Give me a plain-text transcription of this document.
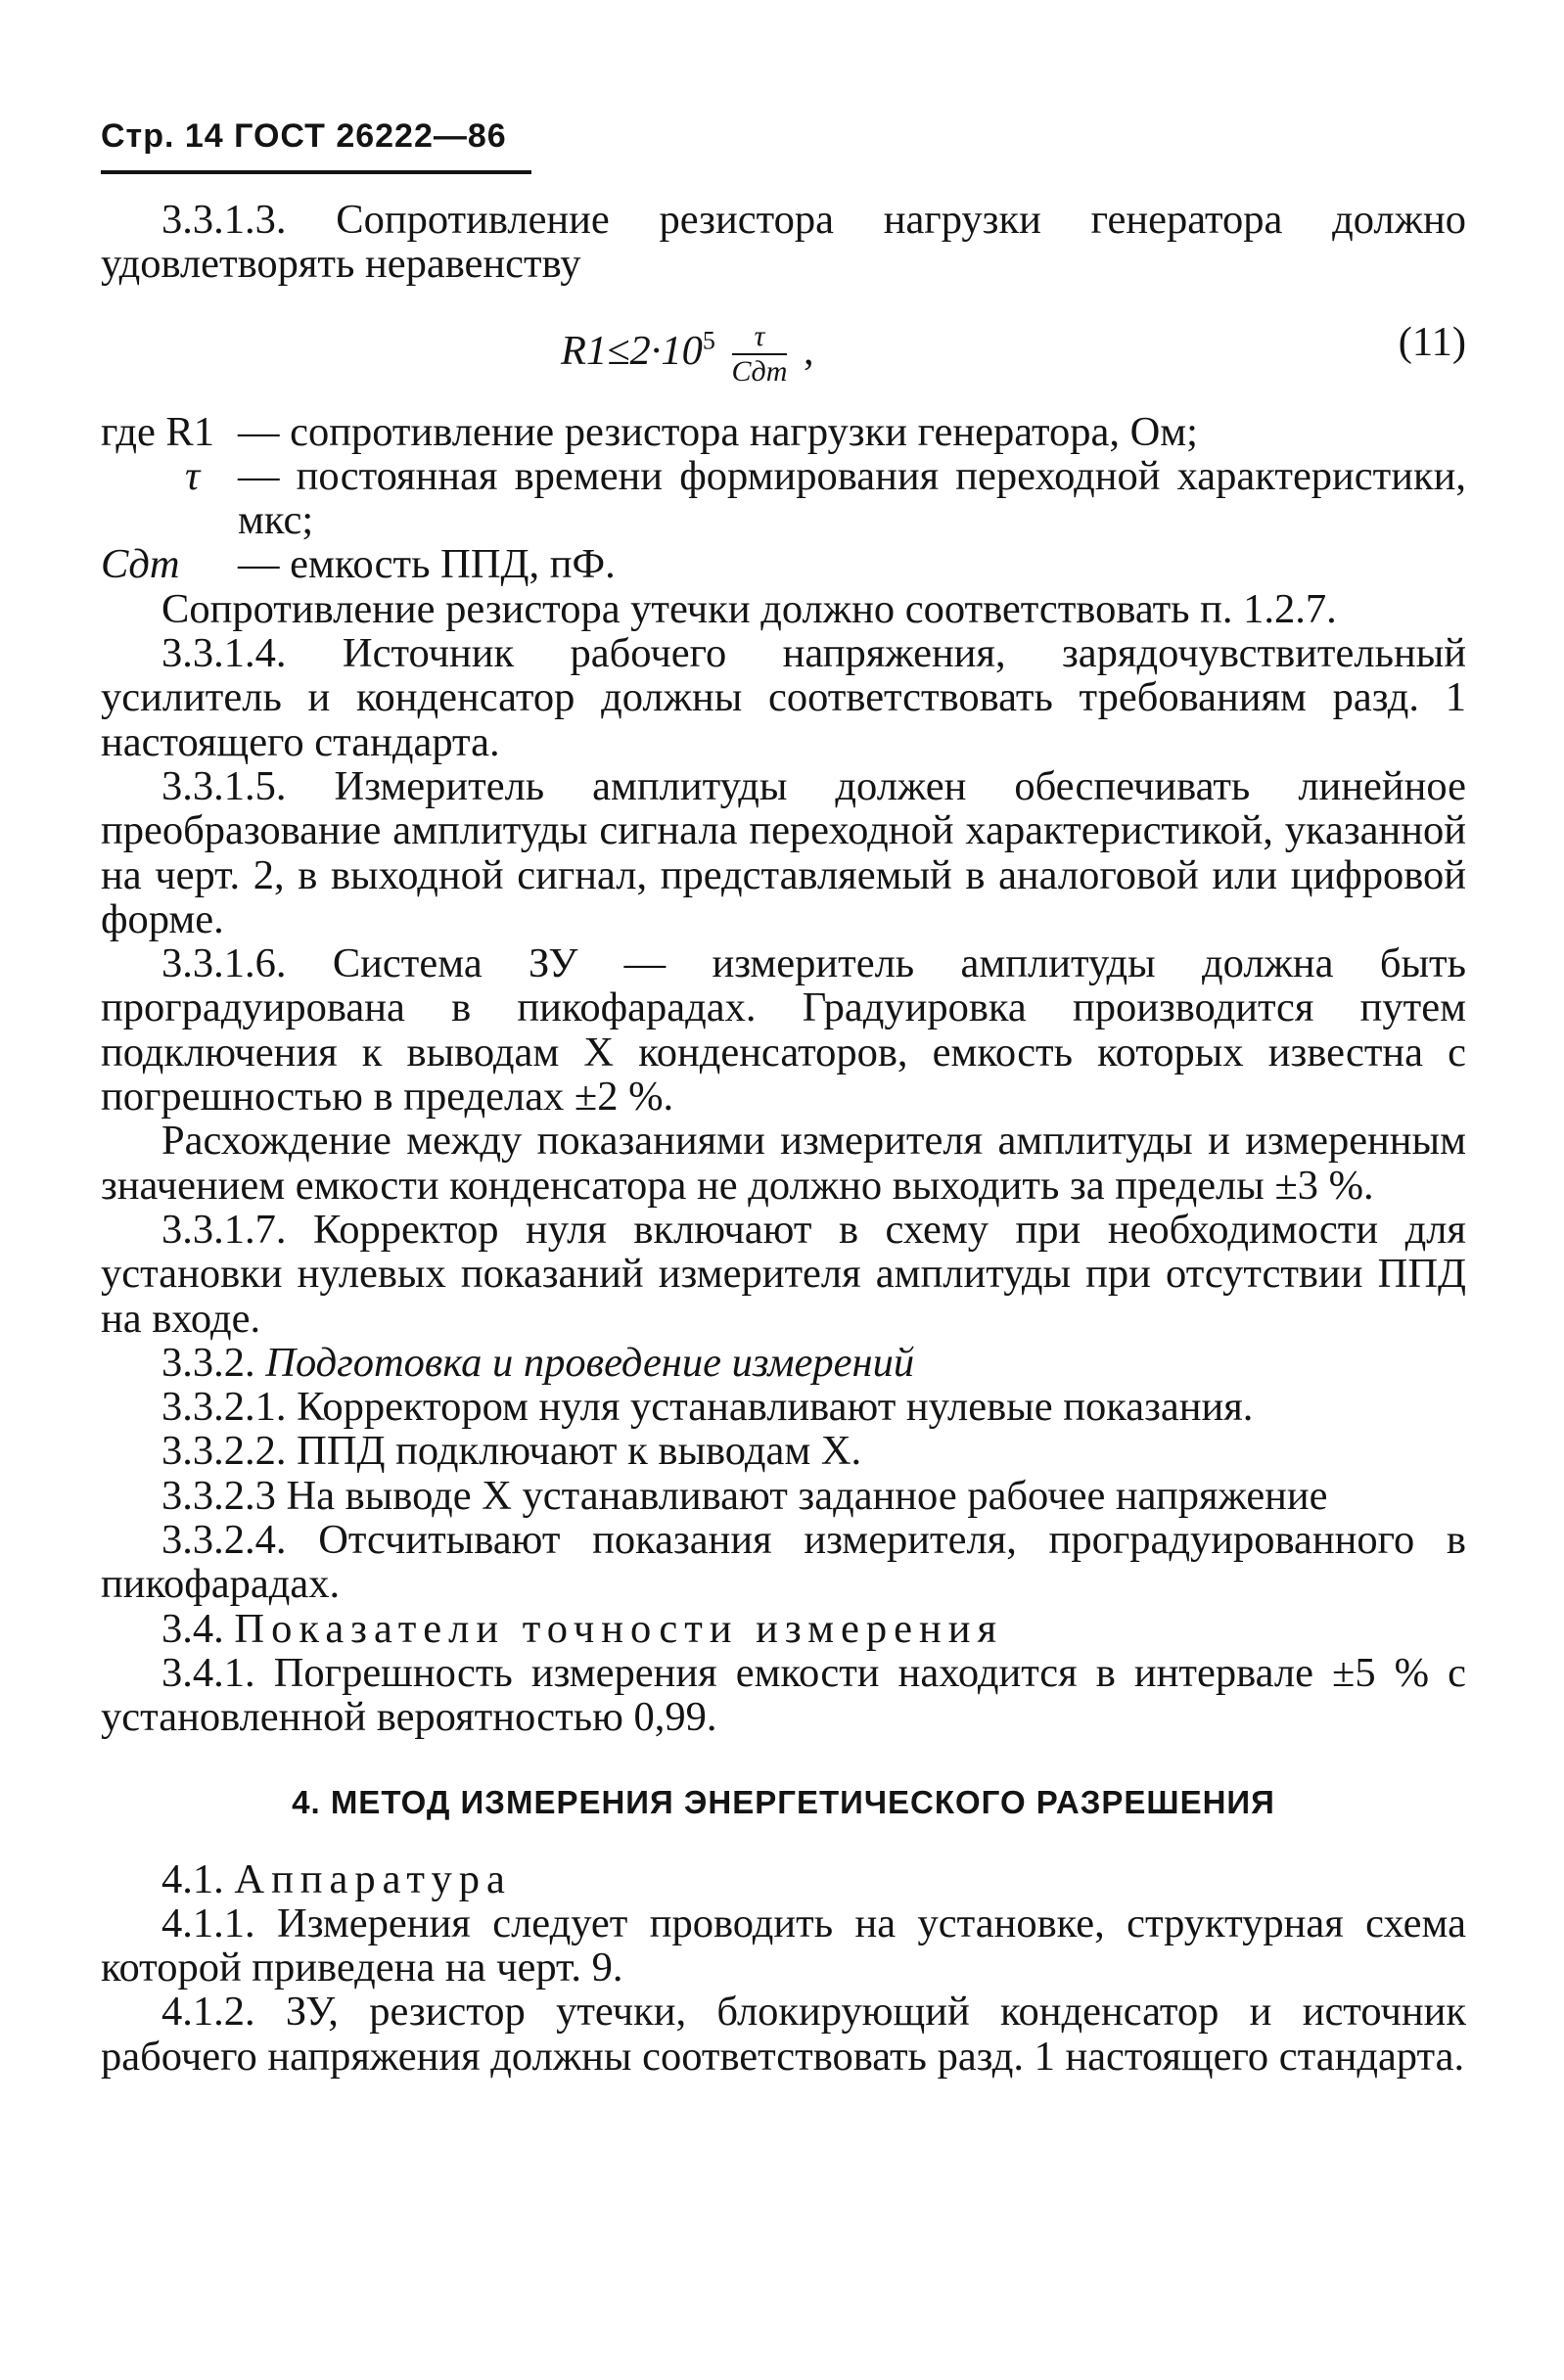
Стр. 14 ГОСТ 26222—86

3.3.1.3. Сопротивление резистора нагрузки генератора должно удовлетворять неравенству

$R1\le 2\cdot 10^5 \frac{\tau}{\text{Cдт}}$ ,	(11)
где R1 — сопротивление резистора нагрузки генератора, Ом;
τ — постоянная времени формирования переходной характеристики, мкс;
Cдт	— емкость ППД, пФ.

Сопротивление резистора утечки должно соответствовать п. 1.2.7.

3.3.1.4. Источник рабочего напряжения, зарядочувствительный усилитель и конденсатор должны соответствовать требованиям разд. 1 настоящего стандарта.

3.3.1.5. Измеритель амплитуды должен обеспечивать линейное преобразование амплитуды сигнала переходной характеристикой, указанной на черт. 2, в выходной сигнал, представляемый в аналоговой или цифровой форме.

3.3.1.6. Система ЗУ — измеритель амплитуды должна быть проградуирована в пикофарадах. Градуировка производится путем подключения к выводам X конденсаторов, емкость которых известна с погрешностью в пределах ±2 %.

Расхождение между показаниями измерителя амплитуды и измеренным значением емкости конденсатора не должно выходить за пределы ±3 %.

3.3.1.7. Корректор нуля включают в схему при необходимости для установки нулевых показаний измерителя амплитуды при отсутствии ППД на входе.

3.3.2. Подготовка и проведение измерений

3.3.2.1. Корректором нуля устанавливают нулевые показания.

3.3.2.2. ППД подключают к выводам X.

3.3.2.3 На выводе X устанавливают заданное рабочее напряжение

3.3.2.4. Отсчитывают показания измерителя, проградуированного в пикофарадах.

3.4. Показатели точности измерения

3.4.1. Погрешность измерения емкости находится в интервале ±5 % с установленной вероятностью 0,99.

4. МЕТОД ИЗМЕРЕНИЯ ЭНЕРГЕТИЧЕСКОГО РАЗРЕШЕНИЯ

4.1. Аппаратура

4.1.1. Измерения следует проводить на установке, структурная схема которой приведена на черт. 9.

4.1.2. ЗУ, резистор утечки, блокирующий конденсатор и источник рабочего напряжения должны соответствовать разд. 1 настоящего стандарта.
